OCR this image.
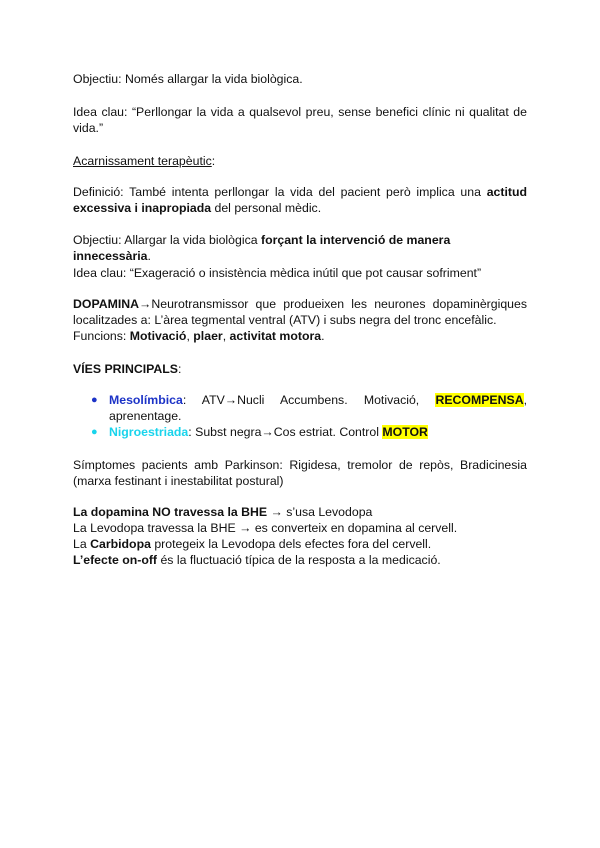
Objectiu: Només allargar la vida biològica.

Idea clau: “Perllongar la vida a qualsevol preu, sense benefici clínic ni qualitat de
vida.”

Acarnissament terapèutic:

Definició: També intenta perllongar la vida del pacient però implica una actitud
excessiva i inapropiada del personal mèdic.

Objectiu: Allargar la vida biològica forçant la intervenció de manera innecessària.

Idea clau: “Exageració o insistència mèdica inútil que pot causar sofriment”

DOPAMINA→Neurotransmissor que produeixen les neurones dopaminèrgiques
localitzades a: L’àrea tegmental ventral (ATV) i subs negra del tronc encefàlic.
Funcions: Motivació, plaer, activitat motora.

VÍES PRINCIPALS:

● Mesolímbica: ATV→Nucli Accumbens. Motivació, RECOMPENSA,
aprenentage.
● Nigroestriada: Subst negra→Cos estriat. Control MOTOR
Símptomes pacients amb Parkinson: Rigidesa, tremolor de repòs, Bradicinesia
(marxa festinant i inestabilitat postural)
La dopamina NO travessa la BHE → s’usa Levodopa
La Levodopa travessa la BHE → es converteix en dopamina al cervell.
La Carbidopa protegeix la Levodopa dels efectes fora del cervell.
L’efecte on-off és la fluctuació típica de la resposta a la medicació.
